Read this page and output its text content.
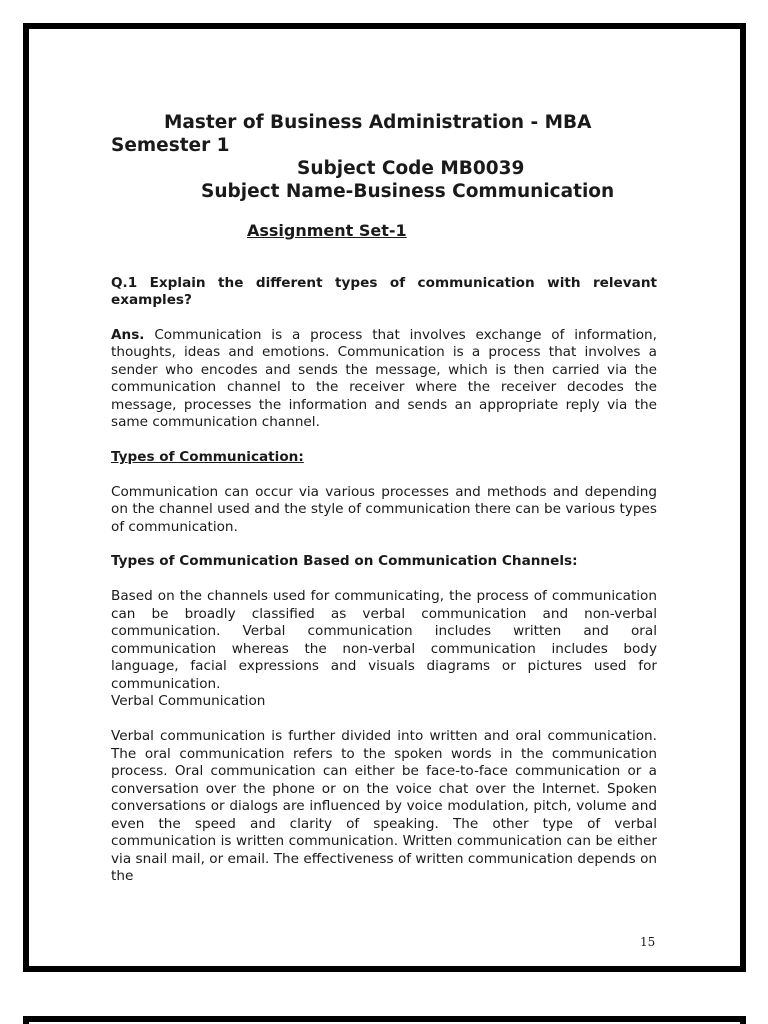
Master of Business Administration - MBA
Semester 1
Subject Code MB0039
Subject Name-Business Communication
Assignment Set-1
Q.1 Explain the different types of communication with relevant examples?

Ans. Communication is a process that involves exchange of information, thoughts, ideas and emotions. Communication is a process that involves a sender who encodes and sends the message, which is then carried via the communication channel to the receiver where the receiver decodes the message, processes the information and sends an appropriate reply via the same communication channel.

Types of Communication:

Communication can occur via various processes and methods and depending on the channel used and the style of communication there can be various types of communication.

Types of Communication Based on Communication Channels:

Based on the channels used for communicating, the process of communication can be broadly classified as verbal communication and non-verbal communication. Verbal communication includes written and oral communication whereas the non-verbal communication includes body language, facial expressions and visuals diagrams or pictures used for communication.

Verbal Communication

Verbal communication is further divided into written and oral communication. The oral communication refers to the spoken words in the communication process. Oral communication can either be face-to-face communication or a conversation over the phone or on the voice chat over the Internet. Spoken conversations or dialogs are influenced by voice modulation, pitch, volume and even the speed and clarity of speaking. The other type of verbal communication is written communication. Written communication can be either via snail mail, or email. The effectiveness of written communication depends on the

15
